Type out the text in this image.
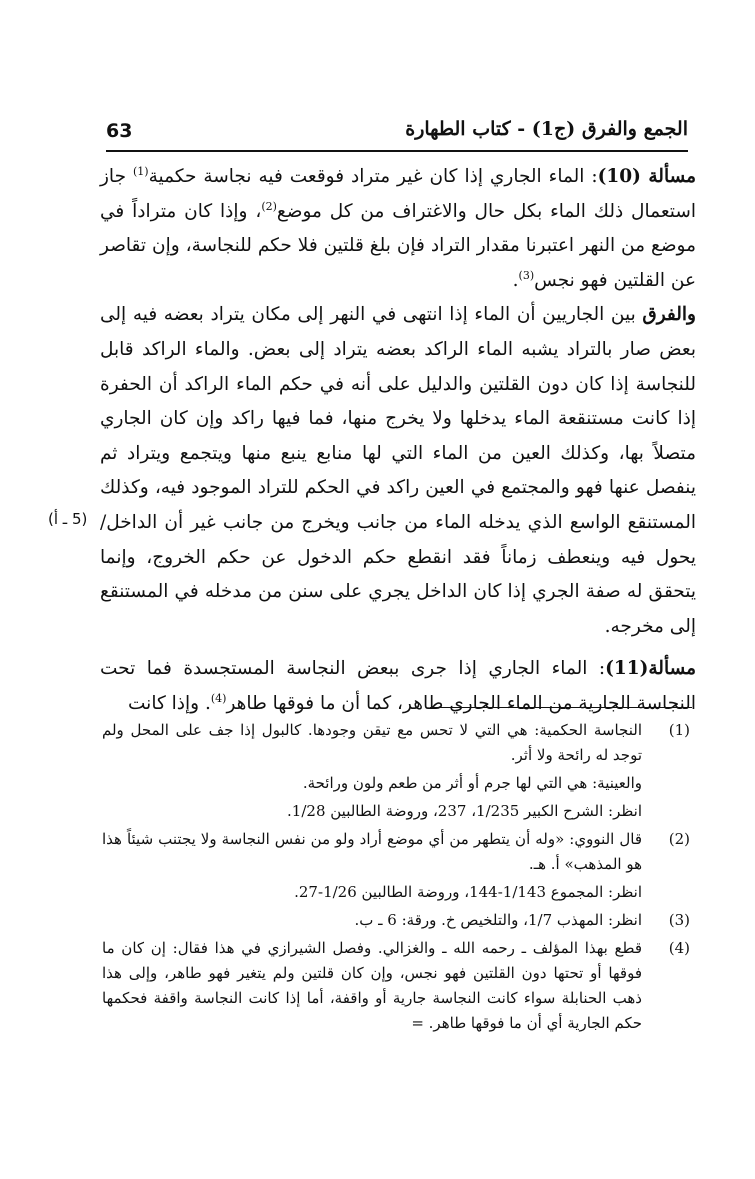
63	الجمع والفرق (ج1) - كتاب الطهارة
(5 ـ أ)

مسألة (10): الماء الجاري إذا كان غير متراد فوقعت فيه نجاسة حكمية$^{(1)}$ جاز استعمال ذلك الماء بكل حال والاغتراف من كل موضع$^{(2)}$، وإذا كان متراداً في موضع من النهر اعتبرنا مقدار التراد فإن بلغ قلتين فلا حكم للنجاسة، وإن تقاصر عن القلتين فهو نجس$^{(3)}$.

والفرق بين الجاريين أن الماء إذا انتهى في النهر إلى مكان يتراد بعضه فيه إلى بعض صار بالتراد يشبه الماء الراكد بعضه يتراد إلى بعض. والماء الراكد قابل للنجاسة إذا كان دون القلتين والدليل على أنه في حكم الماء الراكد أن الحفرة إذا كانت مستنقعة الماء يدخلها ولا يخرج منها، فما فيها راكد وإن كان الجاري متصلاً بها، وكذلك العين من الماء التي لها منابع ينبع منها ويتجمع ويتراد ثم ينفصل عنها فهو والمجتمع في العين راكد في الحكم للتراد الموجود فيه، وكذلك المستنقع الواسع الذي يدخله الماء من جانب ويخرج من جانب غير أن الداخل/ يحول فيه وينعطف زماناً فقد انقطع حكم الدخول عن حكم الخروج، وإنما يتحقق له صفة الجري إذا كان الداخل يجري على سنن من مدخله في المستنقع إلى مخرجه.

مسألة(11): الماء الجاري إذا جرى ببعض النجاسة المستجسدة فما تحت النجاسة الجارية من الماء الجاري طاهر، كما أن ما فوقها طاهر$^{(4)}$. وإذا كانت

(1)

النجاسة الحكمية: هي التي لا تحس مع تيقن وجودها. كالبول إذا جف على المحل ولم توجد له رائحة ولا أثر.

والعينية: هي التي لها جرم أو أثر من طعم ولون ورائحة.

انظر: الشرح الكبير 1/235، 237، وروضة الطالبين 1/28.

(2)

قال النووي: «وله أن يتطهر من أي موضع أراد ولو من نفس النجاسة ولا يجتنب شيئاً هذا هو المذهب» أ. هـ.

انظر: المجموع 1/143-144، وروضة الطالبين 1/26-27.

(3)

انظر: المهذب 1/7، والتلخيص خ. ورقة: 6 ـ ب.

(4)

قطع بهذا المؤلف ـ رحمه الله ـ والغزالي. وفصل الشيرازي في هذا فقال: إن كان ما فوقها أو تحتها دون القلتين فهو نجس، وإن كان قلتين ولم يتغير فهو طاهر، وإلى هذا ذهب الحنابلة سواء كانت النجاسة جارية أو واقفة، أما إذا كانت النجاسة واقفة فحكمها حكم الجارية أي أن ما فوقها طاهر. =
